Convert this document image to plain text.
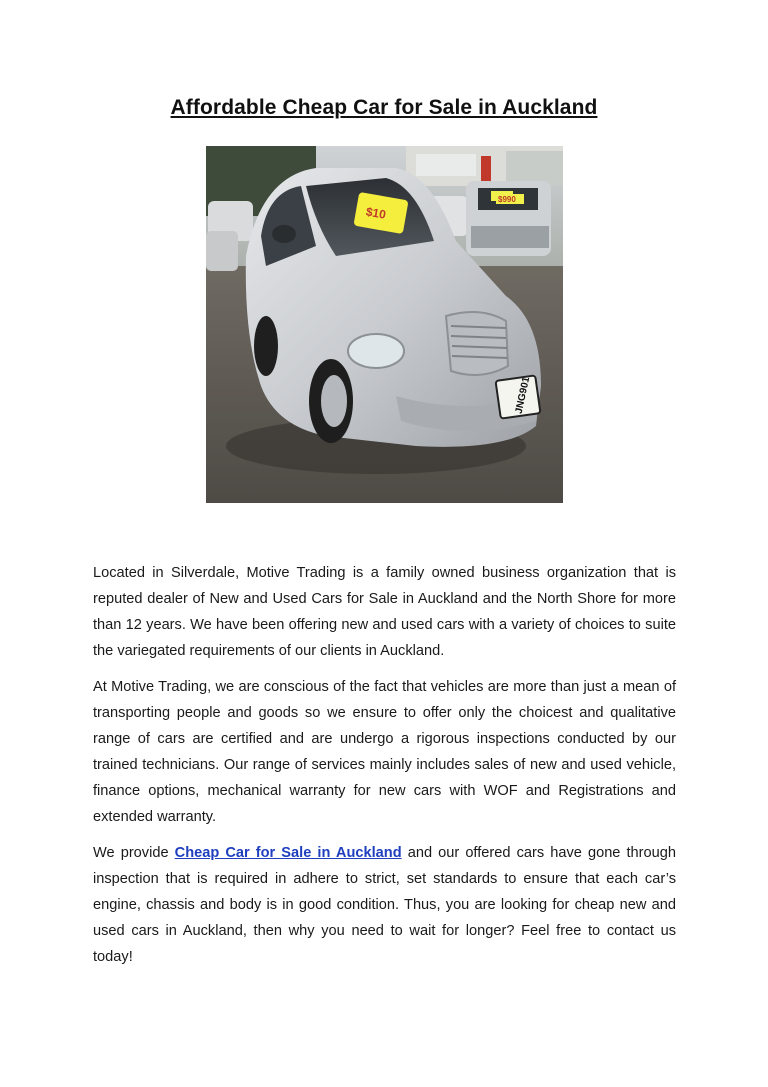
Affordable Cheap Car for Sale in Auckland
$10
JNG901
$990

Located in Silverdale, Motive Trading is a family owned business organization that is reputed dealer of New and Used Cars for Sale in Auckland and the North Shore for more than 12 years. We have been offering new and used cars with a variety of choices to suite the variegated requirements of our clients in Auckland.

At Motive Trading, we are conscious of the fact that vehicles are more than just a mean of transporting people and goods so we ensure to offer only the choicest and qualitative range of cars are certified and are undergo a rigorous inspections conducted by our trained technicians. Our range of services mainly includes sales of new and used vehicle, finance options, mechanical warranty for new cars with WOF and Registrations and extended warranty.

We provide Cheap Car for Sale in Auckland and our offered cars have gone through inspection that is required in adhere to strict, set standards to ensure that each car’s engine, chassis and body is in good condition. Thus, you are looking for cheap new and used cars in Auckland, then why you need to wait for longer? Feel free to contact us today!
